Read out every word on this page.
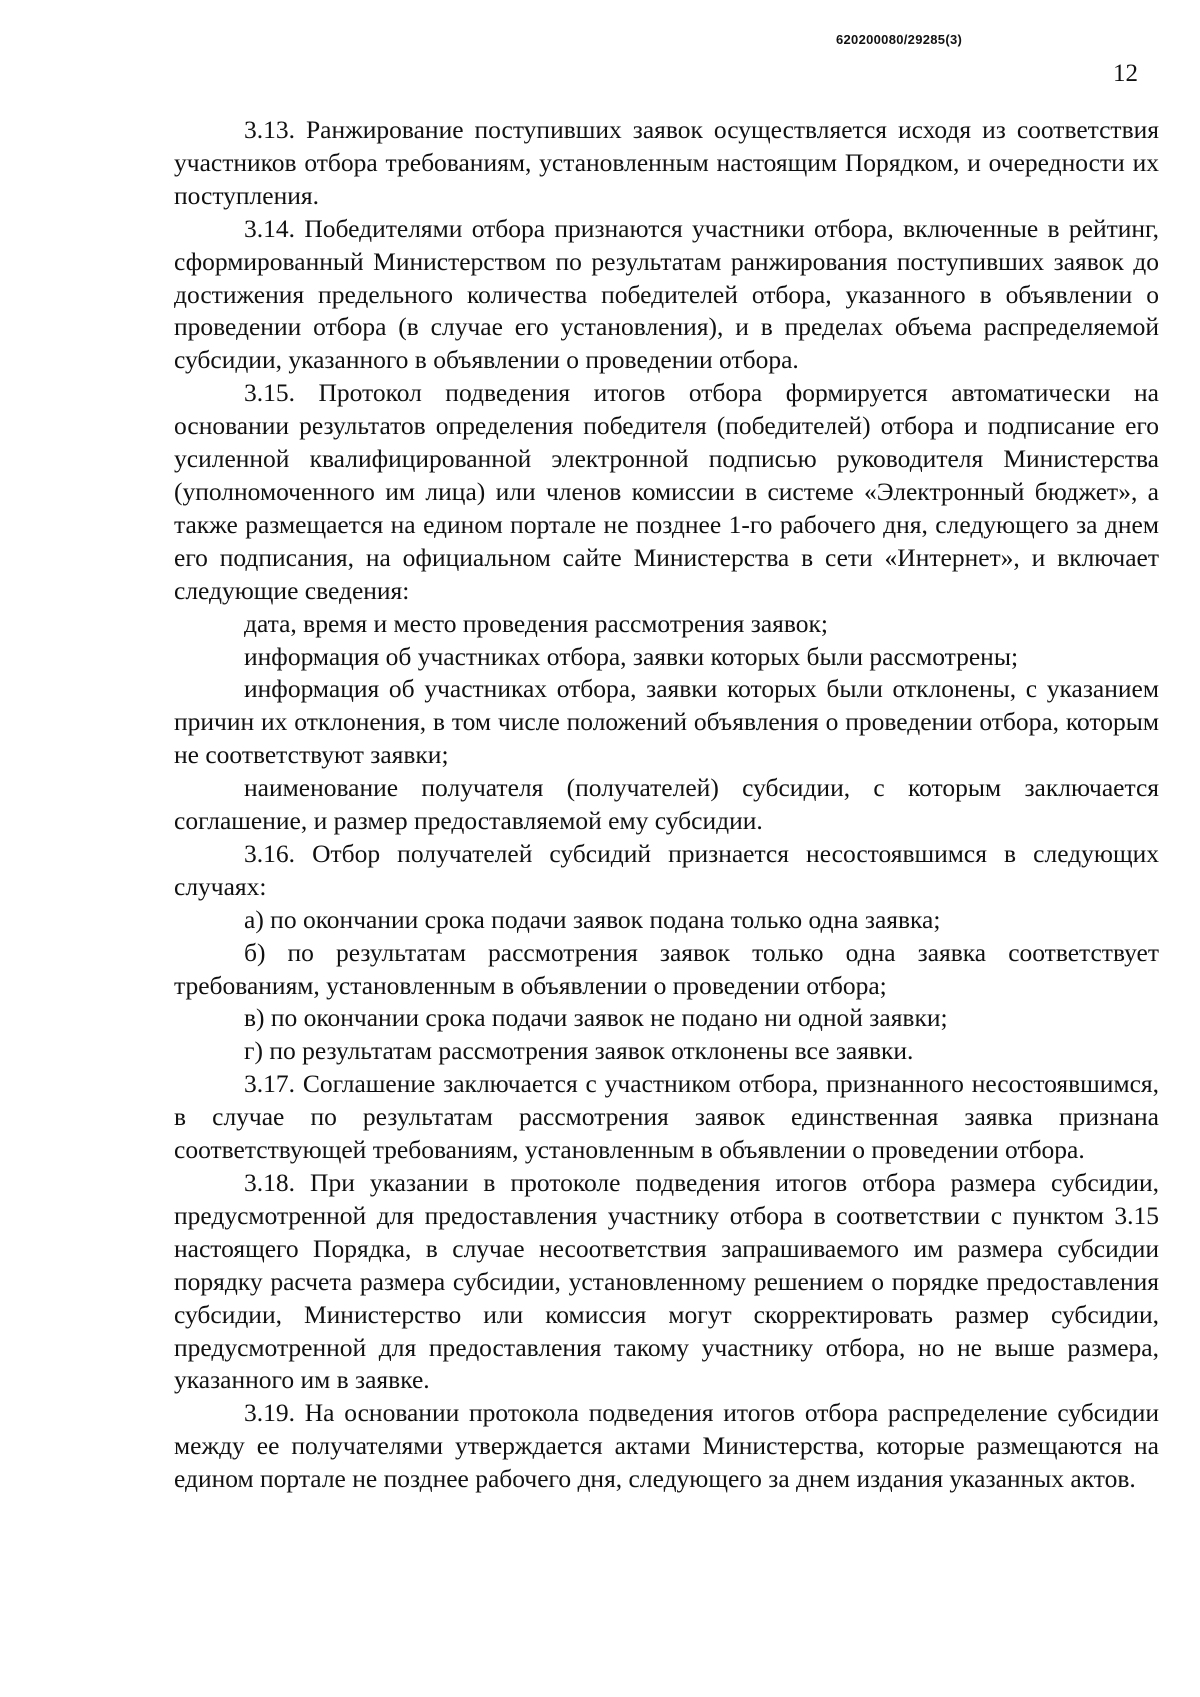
620200080/29285(3)
12

3.13. Ранжирование поступивших заявок осуществляется исходя из соответствия участников отбора требованиям, установленным настоящим Порядком, и очередности их поступления.

3.14. Победителями отбора признаются участники отбора, включенные в рейтинг, сформированный Министерством по результатам ранжирования поступивших заявок до достижения предельного количества победителей отбора, указанного в объявлении о проведении отбора (в случае его установления), и в пределах объема распределяемой субсидии, указанного в объявлении о проведении отбора.

3.15. Протокол подведения итогов отбора формируется автоматически на основании результатов определения победителя (победителей) отбора и подписание его усиленной квалифицированной электронной подписью руководителя Министерства (уполномоченного им лица) или членов комиссии в системе «Электронный бюджет», а также размещается на едином портале не позднее 1-го рабочего дня, следующего за днем его подписания, на официальном сайте Министерства в сети «Интернет», и включает следующие сведения:

дата, время и место проведения рассмотрения заявок;

информация об участниках отбора, заявки которых были рассмотрены;

информация об участниках отбора, заявки которых были отклонены, с указанием причин их отклонения, в том числе положений объявления о проведении отбора, которым не соответствуют заявки;

наименование получателя (получателей) субсидии, с которым заключается соглашение, и размер предоставляемой ему субсидии.

3.16. Отбор получателей субсидий признается несостоявшимся в следующих случаях:

а) по окончании срока подачи заявок подана только одна заявка;

б) по результатам рассмотрения заявок только одна заявка соответствует требованиям, установленным в объявлении о проведении отбора;

в) по окончании срока подачи заявок не подано ни одной заявки;

г) по результатам рассмотрения заявок отклонены все заявки.

3.17. Соглашение заключается с участником отбора, признанного несостоявшимся, в случае по результатам рассмотрения заявок единственная заявка признана соответствующей требованиям, установленным в объявлении о проведении отбора.

3.18. При указании в протоколе подведения итогов отбора размера субсидии, предусмотренной для предоставления участнику отбора в соответствии с пунктом 3.15 настоящего Порядка, в случае несоответствия запрашиваемого им размера субсидии порядку расчета размера субсидии, установленному решением о порядке предоставления субсидии, Министерство или комиссия могут скорректировать размер субсидии, предусмотренной для предоставления такому участнику отбора, но не выше размера, указанного им в заявке.

3.19. На основании протокола подведения итогов отбора распределение субсидии между ее получателями утверждается актами Министерства, которые размещаются на едином портале не позднее рабочего дня, следующего за днем издания указанных актов.
